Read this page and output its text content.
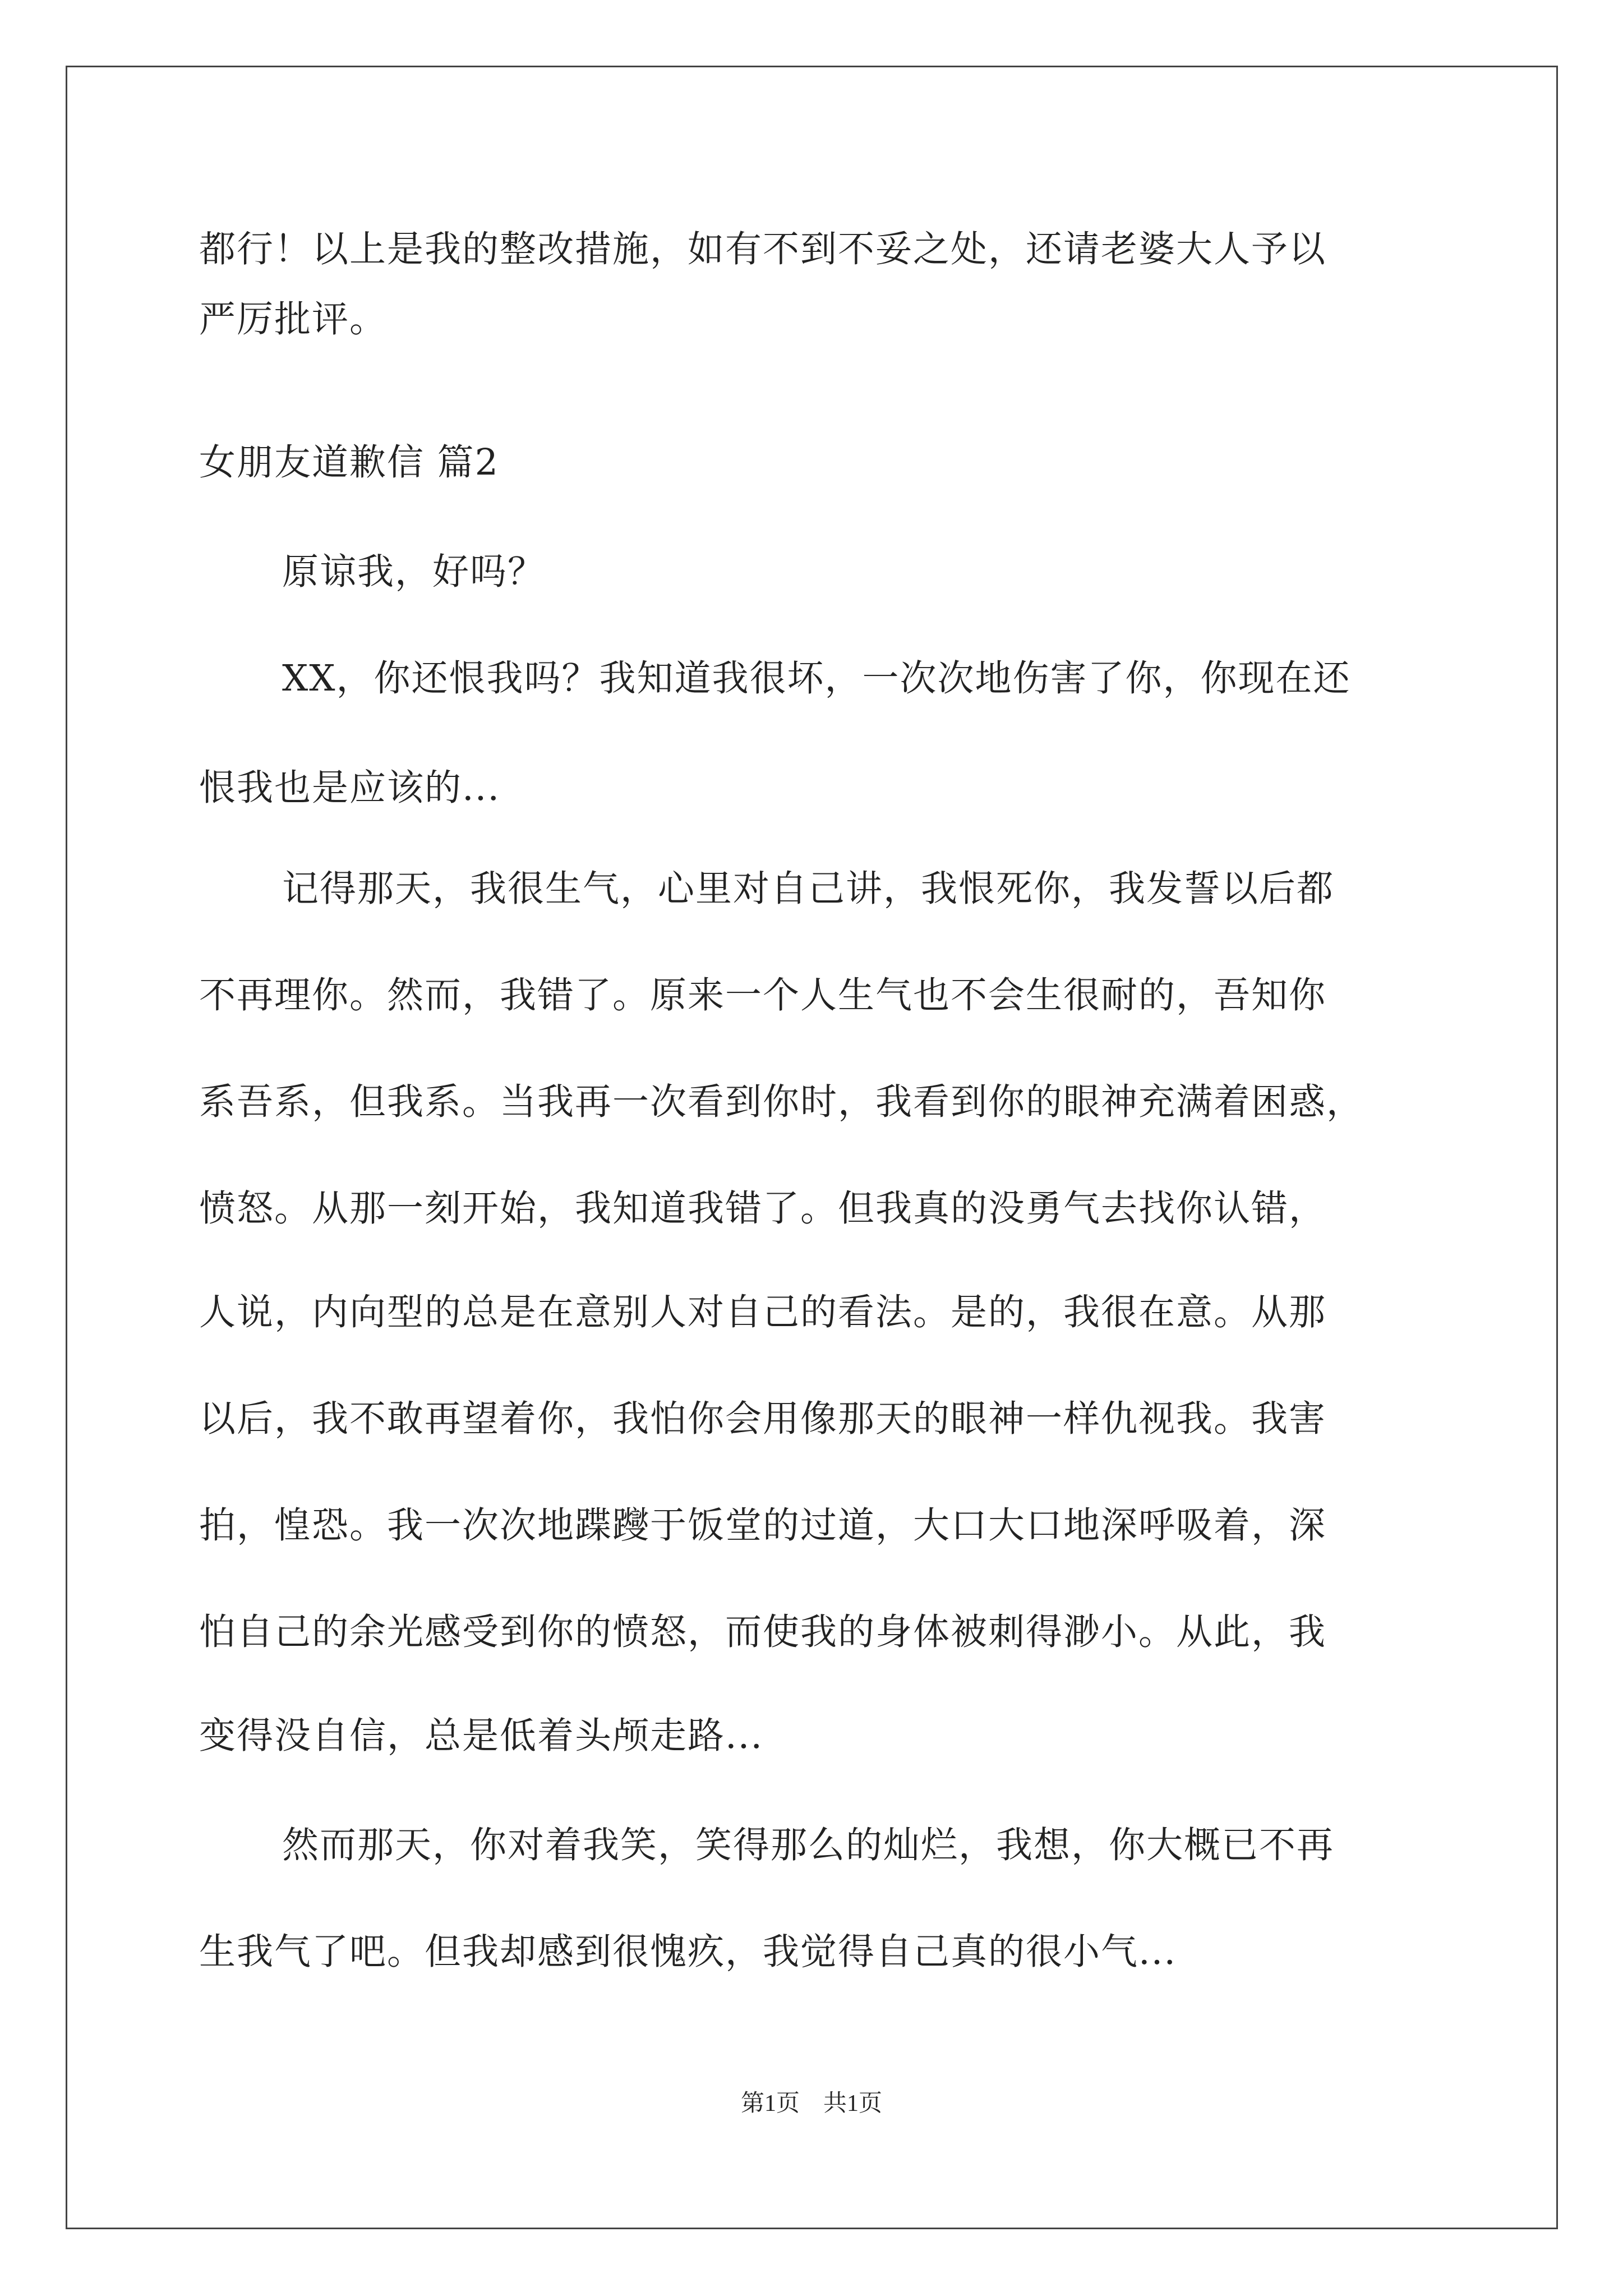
都行！以上是我的整改措施，如有不到不妥之处，还请老婆大人予以
严厉批评。
女朋友道歉信 篇2
原谅我，好吗？
XX，你还恨我吗？我知道我很坏，一次次地伤害了你，你现在还
恨我也是应该的...
记得那天，我很生气，心里对自己讲，我恨死你，我发誓以后都
不再理你。然而，我错了。原来一个人生气也不会生很耐的，吾知你
系吾系，但我系。当我再一次看到你时，我看到你的眼神充满着困惑，
愤怒。从那一刻开始，我知道我错了。但我真的没勇气去找你认错，
人说，内向型的总是在意别人对自己的看法。是的，我很在意。从那
以后，我不敢再望着你，我怕你会用像那天的眼神一样仇视我。我害
拍，惶恐。我一次次地蹀躞于饭堂的过道，大口大口地深呼吸着，深
怕自己的余光感受到你的愤怒，而使我的身体被刺得渺小。从此，我
变得没自信，总是低着头颅走路...
然而那天，你对着我笑，笑得那么的灿烂，我想，你大概已不再
生我气了吧。但我却感到很愧疚，我觉得自己真的很小气...
第1页　共1页
